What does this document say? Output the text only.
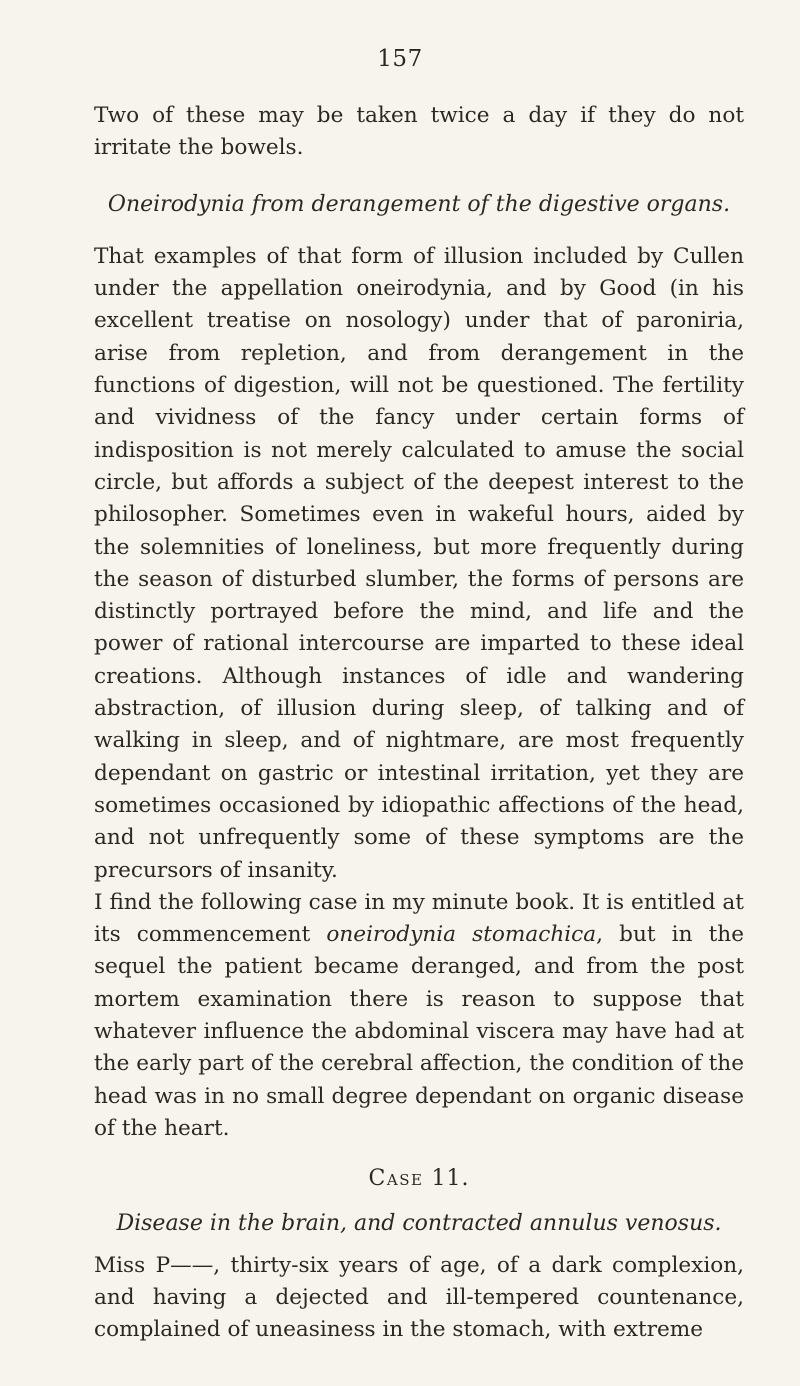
157

Two of these may be taken twice a day if they do not irritate the bowels.

Oneirodynia from derangement of the digestive organs.

That examples of that form of illusion included by Cullen under the appellation oneirodynia, and by Good (in his excellent treatise on nosology) under that of paroniria, arise from repletion, and from derangement in the functions of digestion, will not be questioned. The fertility and vividness of the fancy under certain forms of indisposition is not merely calculated to amuse the social circle, but affords a subject of the deepest interest to the philosopher. Sometimes even in wakeful hours, aided by the solemnities of loneliness, but more frequently during the season of disturbed slumber, the forms of persons are distinctly portrayed before the mind, and life and the power of rational intercourse are imparted to these ideal creations. Although instances of idle and wandering abstraction, of illusion during sleep, of talking and of walking in sleep, and of nightmare, are most frequently dependant on gastric or intestinal irritation, yet they are sometimes occasioned by idiopathic affections of the head, and not unfrequently some of these symptoms are the precursors of insanity.

I find the following case in my minute book. It is entitled at its commencement oneirodynia stomachica, but in the sequel the patient became deranged, and from the post mortem examination there is reason to suppose that whatever influence the abdominal viscera may have had at the early part of the cerebral affection, the condition of the head was in no small degree dependant on organic disease of the heart.

Case 11.

Disease in the brain, and contracted annulus venosus.

Miss P——, thirty-six years of age, of a dark complexion, and having a dejected and ill-tempered countenance, complained of uneasiness in the stomach, with extreme
